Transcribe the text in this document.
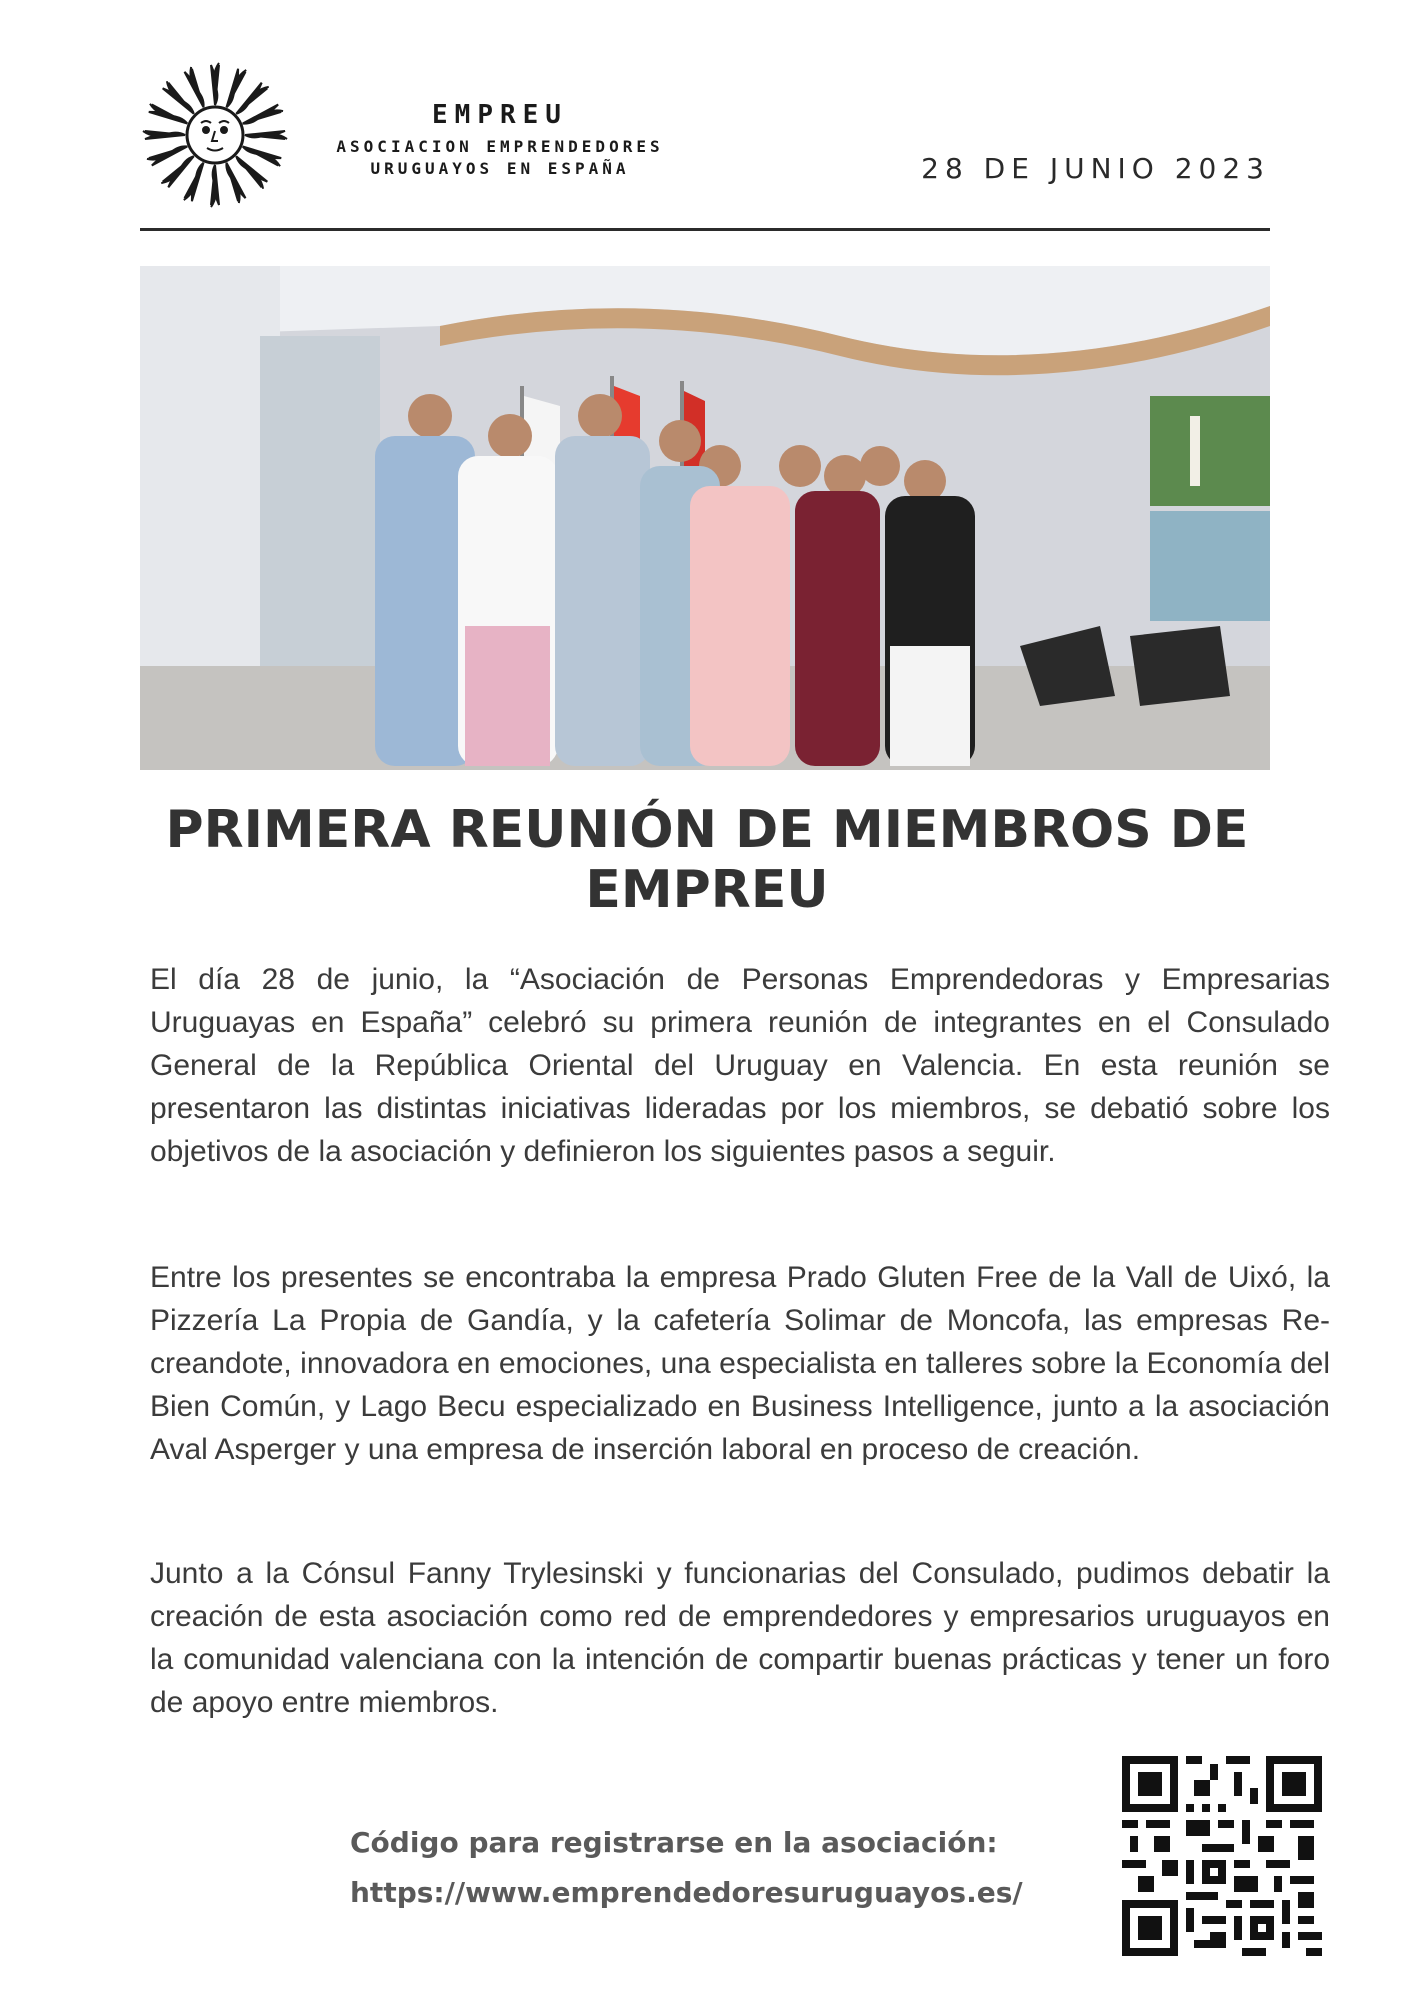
EMPREU
ASOCIACION EMPRENDEDORES
URUGUAYOS EN ESPAÑA	28 DE JUNIO 2023
PRIMERA REUNIÓN DE MIEMBROS DE EMPREU

El día 28 de junio, la “Asociación de Personas Emprendedoras y Empresarias Uruguayas en España” celebró su primera reunión de integrantes en el Consulado General de la República Oriental del Uruguay en Valencia. En esta reunión se presentaron las distintas iniciativas lideradas por los miembros, se debatió sobre los objetivos de la asociación y definieron los siguientes pasos a seguir.

Entre los presentes se encontraba la empresa Prado Gluten Free de la Vall de Uixó, la Pizzería La Propia de Gandía, y la cafetería Solimar de Moncofa, las empresas Re-creandote, innovadora en emociones, una especialista en talleres sobre la Economía del Bien Común, y Lago Becu especializado en Business Intelligence, junto a la asociación Aval Asperger y una empresa de inserción laboral en proceso de creación.

Junto a la Cónsul Fanny Trylesinski y funcionarias del Consulado, pudimos debatir la creación de esta asociación como red de emprendedores y empresarios uruguayos en la comunidad valenciana con la intención de compartir buenas prácticas y tener un foro de apoyo entre miembros.

Código para registrarse en la asociación:
https://www.emprendedoresuruguayos.es/
